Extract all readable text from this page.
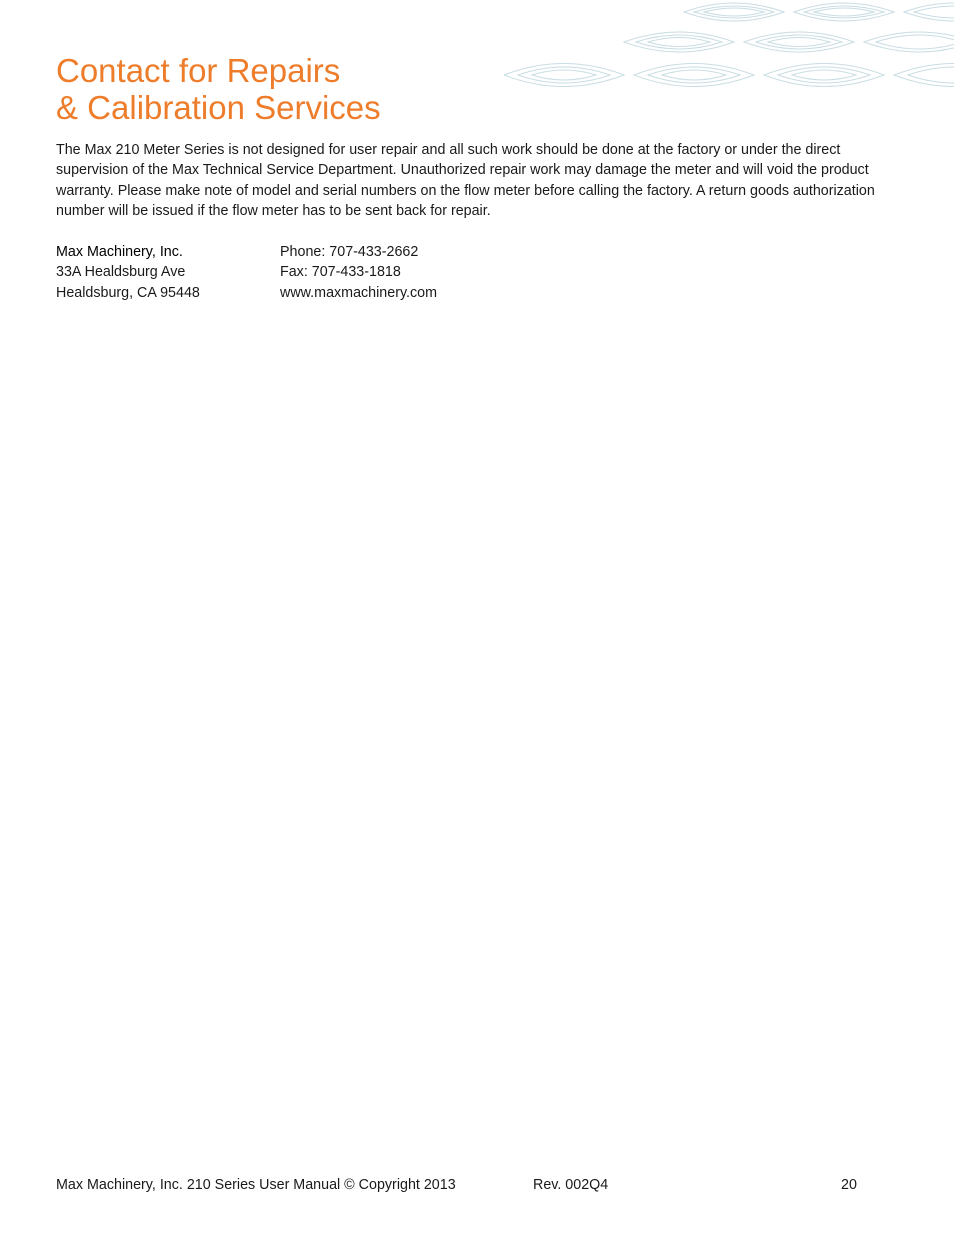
Contact for Repairs
& Calibration Services

The Max 210 Meter Series is not designed for user repair and all such work should be done at the factory or under the direct supervision of the Max Technical Service Department. Unauthorized repair work may damage the meter and will void the product warranty. Please make note of model and serial numbers on the flow meter before calling the factory. A return goods authorization number will be issued if the flow meter has to be sent back for repair.

Max Machinery, Inc.
33A Healdsburg Ave
Healdsburg, CA 95448
Phone: 707-433-2662
Fax: 707-433-1818
www.maxmachinery.com
Max Machinery, Inc. 210 Series User Manual © Copyright 2013	Rev. 002Q4	20
